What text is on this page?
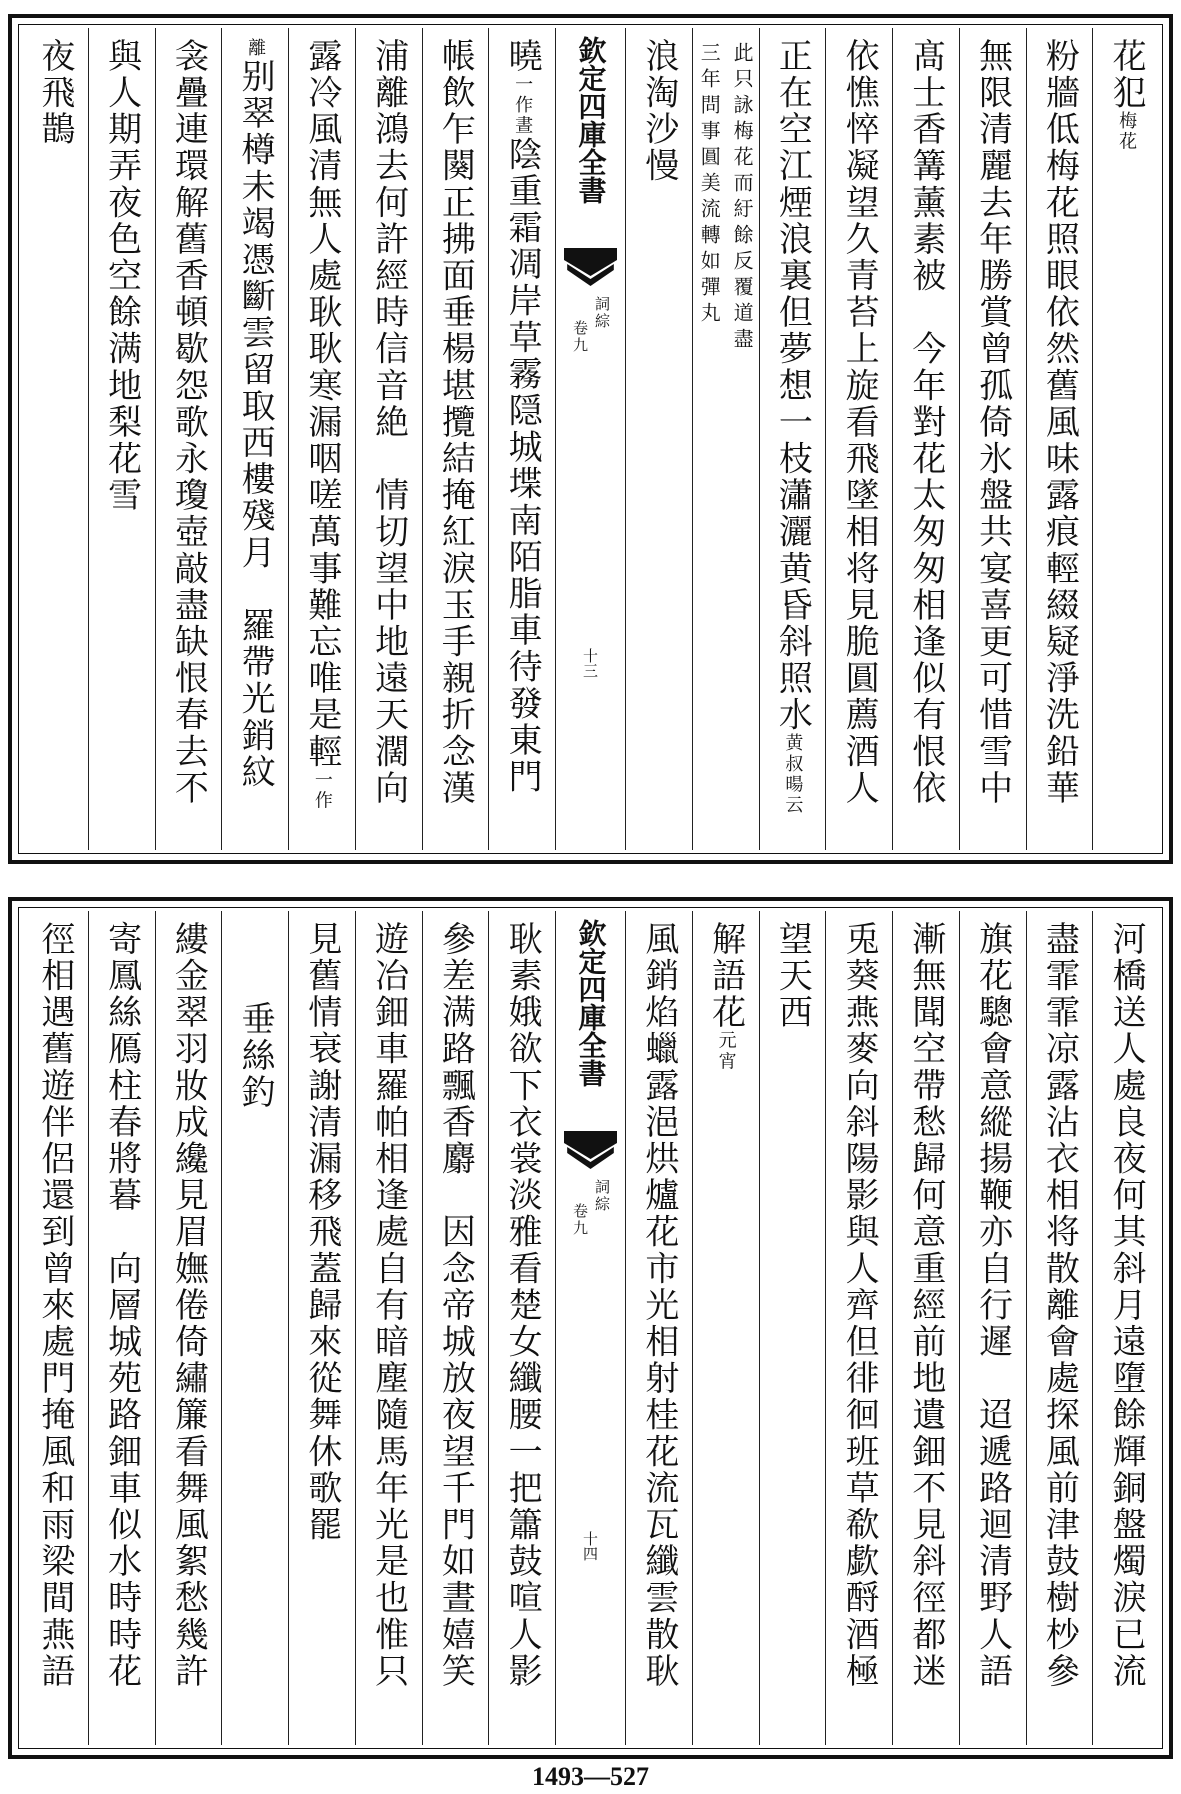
花犯梅花
粉牆低梅花照眼依然舊風味露痕輕綴疑淨洗鉛華
無限清麗去年勝賞曾孤倚氷盤共宴喜更可惜雪中
髙士香篝薰素被　今年對花太匆匆相逢似有恨依
依憔悴凝望久青苔上旋看飛墜相将見脆圓薦酒人
正在空江煙浪裏但夢想一枝瀟灑黄昏斜照水黄叔暘云
此只詠梅花而紆餘反覆道盡
三年問事圓美流轉如彈丸
浪淘沙慢
欽定四庫全書
詞綜
卷九
十三
曉一作晝陰重霜凋岸草霧隠城堞南陌脂車待發東門
帳飲乍闋正拂面垂楊堪攬結掩紅淚玉手親折念漢
浦離鴻去何許經時信音絶　情切望中地遠天濶向
露冷風清無人處耿耿寒漏咽嗟萬事難忘唯是輕一作
離别翠樽未竭憑斷雲留取西樓殘月　羅帶光銷紋
衾疊連環解舊香頓歇怨歌永瓊壺敲盡缺恨春去不
與人期弄夜色空餘满地梨花雪
夜飛鵲
河橋送人處良夜何其斜月遠墮餘輝銅盤燭淚已流
盡霏霏凉露沾衣相将散離會處探風前津鼓樹杪參
旗花驄會意縱揚鞭亦自行遲　迢遞路迴清野人語
漸無聞空帶愁歸何意重經前地遺鈿不見斜徑都迷
兎葵燕麥向斜陽影與人齊但徘徊班草欷歔酹酒極
望天西
解語花元宵
風銷焰蠟露浥烘爐花市光相射桂花流瓦纖雲散耿
欽定四庫全書
詞綜
卷九
十四
耿素娥欲下衣裳淡雅看楚女纖腰一把簫鼓喧人影
參差满路飄香麝　因念帝城放夜望千門如晝嬉笑
遊冶鈿車羅帕相逢處自有暗塵隨馬年光是也惟只
見舊情衰謝清漏移飛蓋歸來從舞休歌罷
垂絲釣
縷金翠羽妝成纔見眉嫵倦倚繡簾看舞風絮愁幾許
寄鳳絲鴈柱春將暮　向層城苑路鈿車似水時時花
徑相遇舊遊伴侶還到曾來處門掩風和雨梁間燕語
1493—527
